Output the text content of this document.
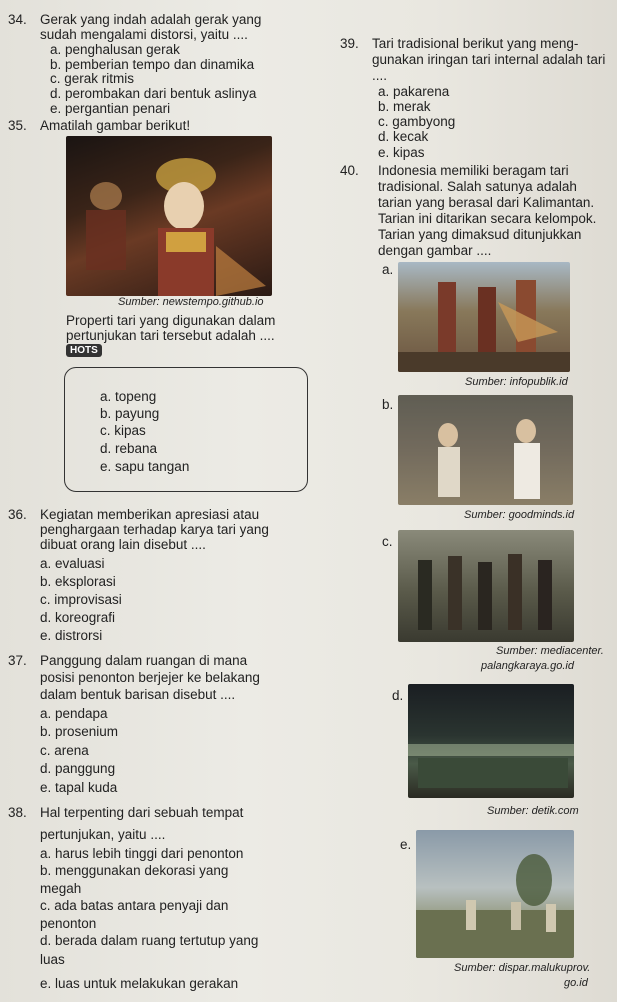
34. Gerak yang indah adalah gerak yang
sudah mengalami distorsi, yaitu ....
a. penghalusan gerak
b. pemberian tempo dan dinamika
c. gerak ritmis
d. perombakan dari bentuk aslinya
e. pergantian penari
35. Amatilah gambar berikut!
Sumber: newstempo.github.io
Properti tari yang digunakan dalam
pertunjukan tari tersebut adalah ....
HOTS
a. topeng
b. payung
c. kipas
d. rebana
e. sapu tangan
36. Kegiatan memberikan apresiasi atau
penghargaan terhadap karya tari yang
dibuat orang lain disebut ....
a. evaluasi
b. eksplorasi
c. improvisasi
d. koreografi
e. distrorsi
37. Panggung dalam ruangan di mana
posisi penonton berjejer ke belakang
dalam bentuk barisan disebut ....
a. pendapa
b. prosenium
c. arena
d. panggung
e. tapal kuda
38. Hal terpenting dari sebuah tempat
pertunjukan, yaitu ....
a. harus lebih tinggi dari penonton
b. menggunakan dekorasi yang
megah
c. ada batas antara penyaji dan
penonton
d. berada dalam ruang tertutup yang
luas
e. luas untuk melakukan gerakan
39. Tari tradisional berikut yang meng-
gunakan iringan tari internal adalah tari
....
a. pakarena
b. merak
c. gambyong
d. kecak
e. kipas
40. Indonesia memiliki beragam tari
tradisional. Salah satunya adalah
tarian yang berasal dari Kalimantan.
Tarian ini ditarikan secara kelompok.
Tarian yang dimaksud ditunjukkan
dengan gambar ....
a.
Sumber: infopublik.id
b.
Sumber: goodminds.id
c.
Sumber: mediacenter.
palangkaraya.go.id
d.
Sumber: detik.com
e.
Sumber: dispar.malukuprov.
go.id
